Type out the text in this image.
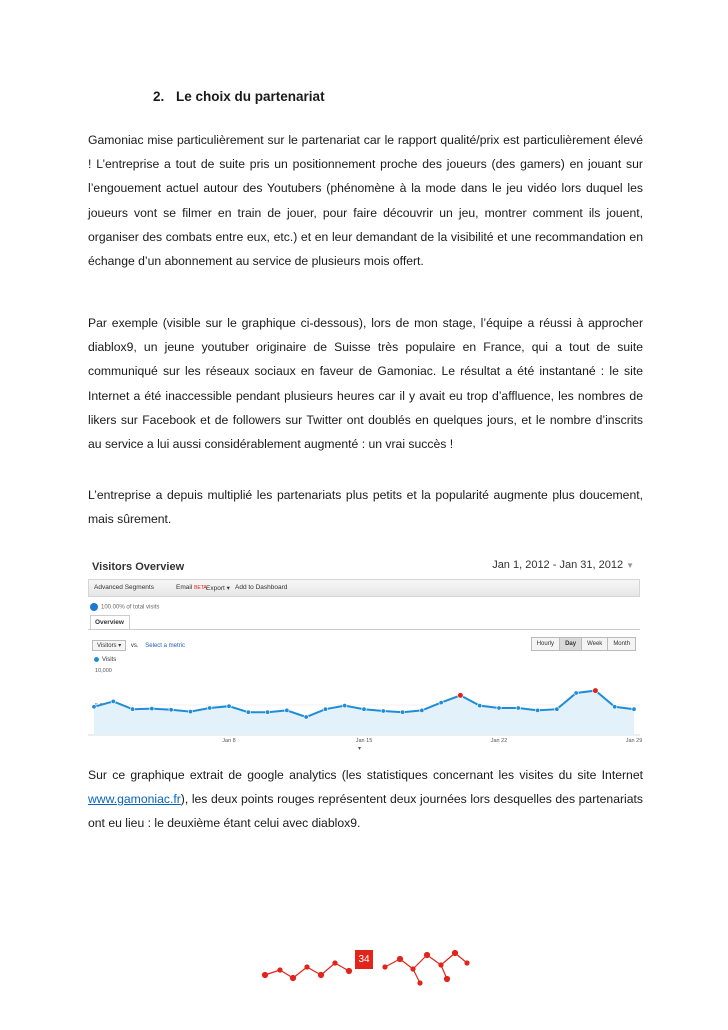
2. Le choix du partenariat

Gamoniac mise particulièrement sur le partenariat car le rapport qualité/prix est particulièrement élevé ! L’entreprise a tout de suite pris un positionnement proche des joueurs (des gamers) en jouant sur l’engouement actuel autour des Youtubers (phénomène à la mode dans le jeu vidéo lors duquel les joueurs vont se filmer en train de jouer, pour faire découvrir un jeu, montrer comment ils jouent, organiser des combats entre eux, etc.) et en leur demandant de la visibilité et une recommandation en échange d’un abonnement au service de plusieurs mois offert.

Par exemple (visible sur le graphique ci-dessous), lors de mon stage, l’équipe a réussi à approcher diablox9, un jeune youtuber originaire de Suisse très populaire en France, qui a tout de suite communiqué sur les réseaux sociaux en faveur de Gamoniac. Le résultat a été instantané : le site Internet a été inaccessible pendant plusieurs heures car il y avait eu trop d’affluence, les nombres de likers sur Facebook et de followers sur Twitter ont doublés en quelques jours, et le nombre d’inscrits au service a lui aussi considérablement augmenté : un vrai succès !

L’entreprise a depuis multiplié les partenariats plus petits et la popularité augmente plus doucement, mais sûrement.

Visitors Overview	Jan 1, 2012 - Jan 31, 2012 ▼
Advanced Segments	Email BETA Export ▾ Add to Dashboard
100.00% of total visits
Overview
Visitors ▾ vs. Select a metric	Hourly	Day	Week	Month
Visits
10,000
Jan 8	Jan 15	Jan 22	Jan 29
▾

Sur ce graphique extrait de google analytics (les statistiques concernant les visites du site Internet www.gamoniac.fr), les deux points rouges représentent deux journées lors desquelles des partenariats ont eu lieu : le deuxième étant celui avec diablox9.

34
